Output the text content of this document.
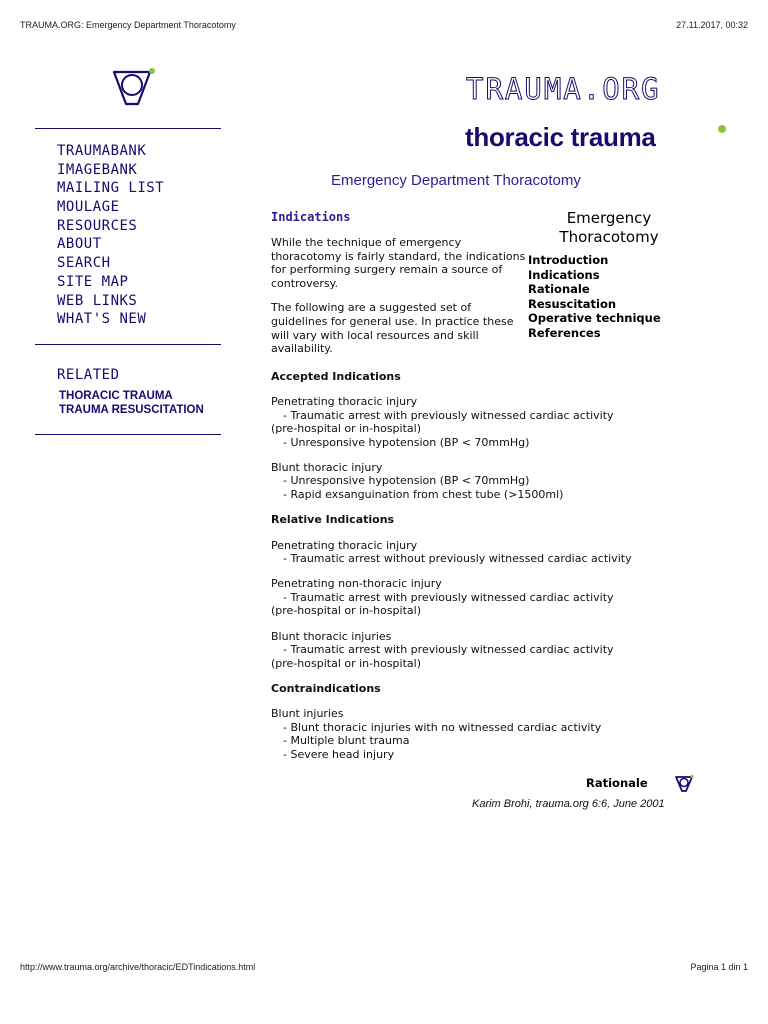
TRAUMA.ORG: Emergency Department Thoracotomy	27.11.2017, 00:32
TRAUMABANK
IMAGEBANK
MAILING LIST
MOULAGE
RESOURCES
ABOUT
SEARCH
SITE MAP
WEB LINKS
WHAT'S NEW
RELATED
THORACIC TRAUMA
TRAUMA RESUSCITATION
TRAUMA.ORG
thoracic trauma
Emergency Department Thoracotomy
Indications

While the technique of emergency thoracotomy is fairly standard, the indications for performing surgery remain a source of controversy.

The following are a suggested set of guidelines for general use. In practice these will vary with local resources and skill availability.

Emergency
Thoracotomy
Introduction
Indications
Rationale
Resuscitation
Operative technique
References
Accepted Indications
Penetrating thoracic injury
- Traumatic arrest with previously witnessed cardiac activity
(pre-hospital or in-hospital)
- Unresponsive hypotension (BP < 70mmHg)
Blunt thoracic injury
- Unresponsive hypotension (BP < 70mmHg)
- Rapid exsanguination from chest tube (>1500ml)
Relative Indications
Penetrating thoracic injury
- Traumatic arrest without previously witnessed cardiac activity
Penetrating non-thoracic injury
- Traumatic arrest with previously witnessed cardiac activity
(pre-hospital or in-hospital)
Blunt thoracic injuries
- Traumatic arrest with previously witnessed cardiac activity
(pre-hospital or in-hospital)
Contraindications
Blunt injuries
- Blunt thoracic injuries with no witnessed cardiac activity
- Multiple blunt trauma
- Severe head injury
Rationale
Karim Brohi, trauma.org 6:6, June 2001
http://www.trauma.org/archive/thoracic/EDTindications.html	Pagina 1 din 1
